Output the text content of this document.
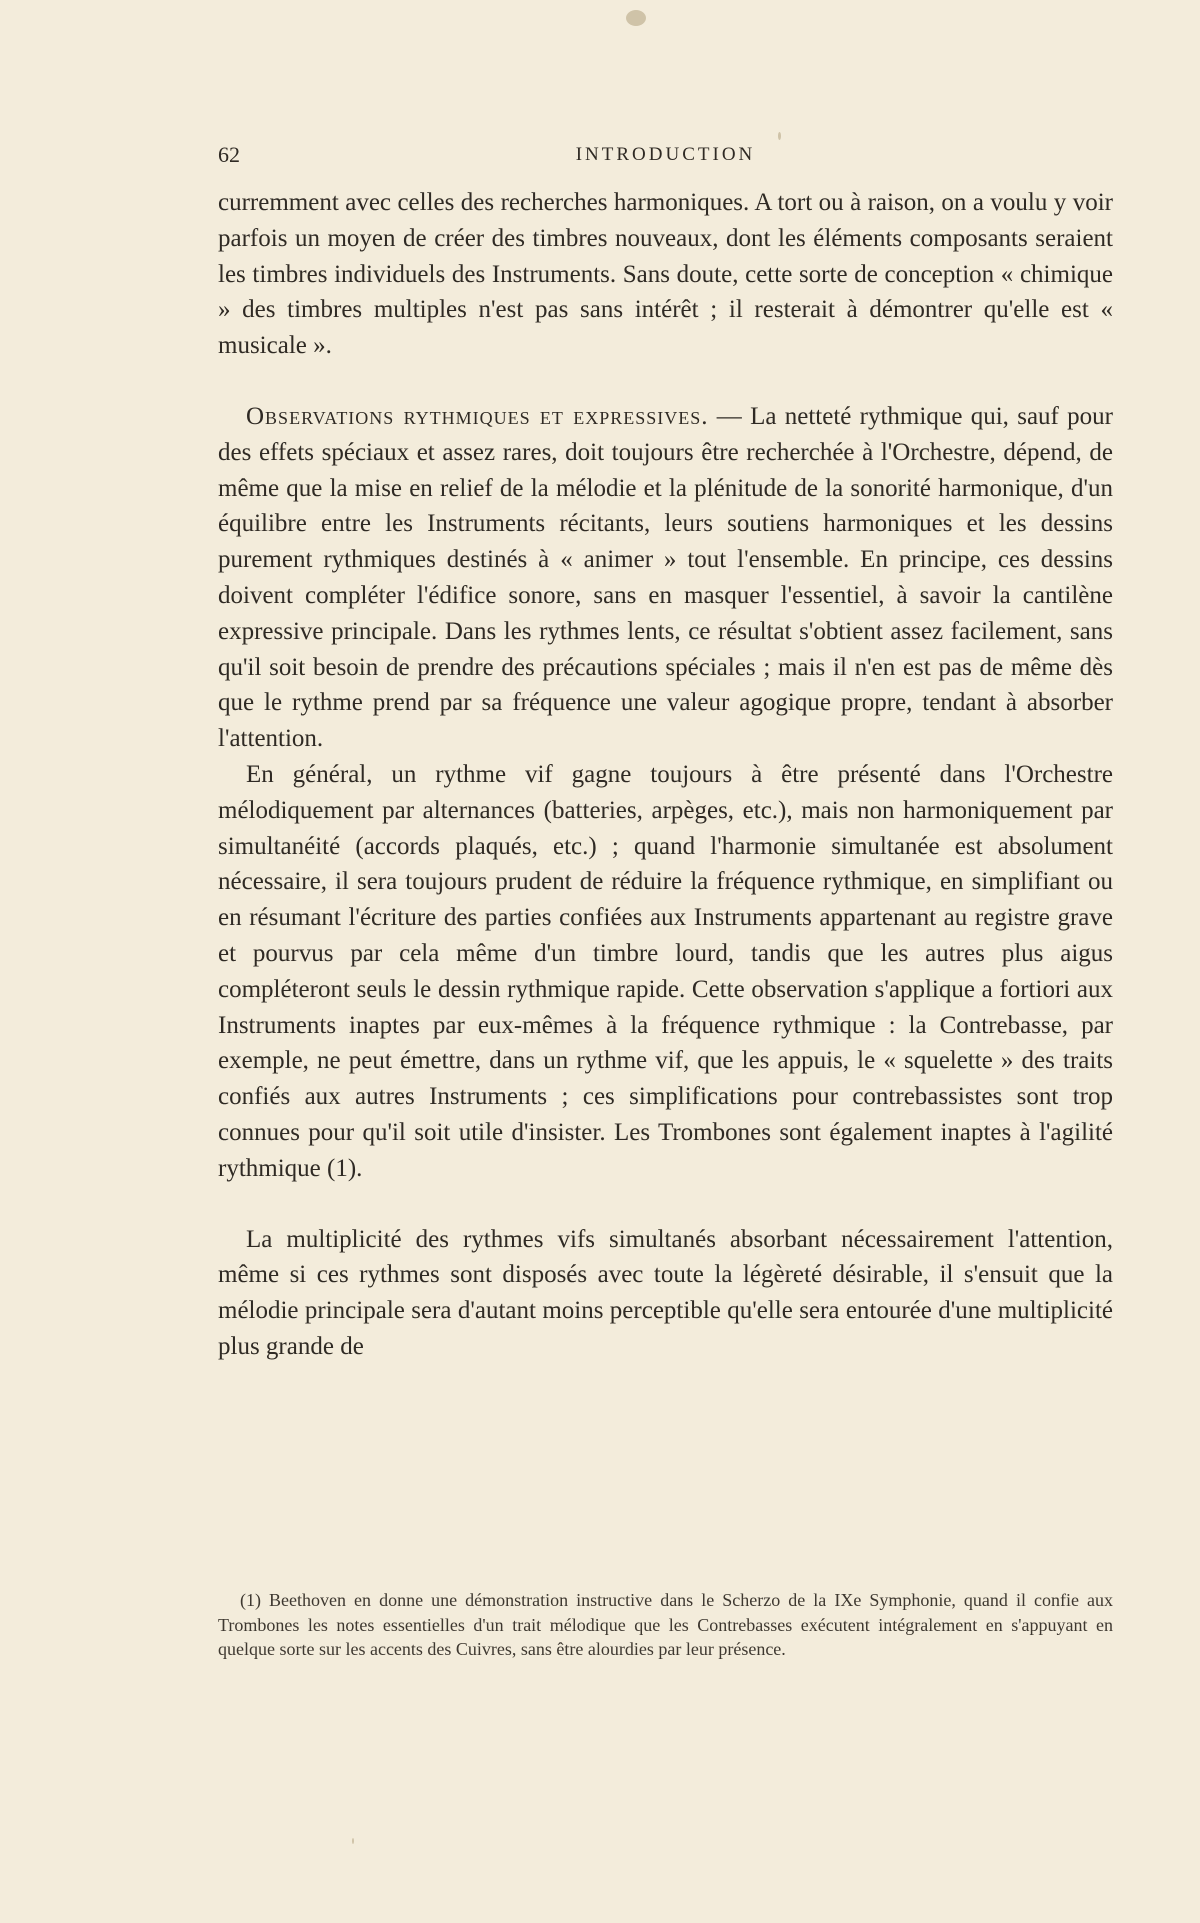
62	INTRODUCTION

curremment avec celles des recherches harmoniques. A tort ou à raison, on a voulu y voir parfois un moyen de créer des timbres nouveaux, dont les éléments composants seraient les timbres individuels des Instruments. Sans doute, cette sorte de conception « chimique » des timbres multiples n'est pas sans intérêt ; il resterait à démontrer qu'elle est « musicale ».

Observations rythmiques et expressives. — La netteté rythmique qui, sauf pour des effets spéciaux et assez rares, doit toujours être recherchée à l'Orchestre, dépend, de même que la mise en relief de la mélodie et la plénitude de la sonorité harmonique, d'un équilibre entre les Instruments récitants, leurs soutiens harmoniques et les dessins purement rythmiques destinés à « animer » tout l'ensemble. En principe, ces dessins doivent compléter l'édifice sonore, sans en masquer l'essentiel, à savoir la cantilène expressive principale. Dans les rythmes lents, ce résultat s'obtient assez facilement, sans qu'il soit besoin de prendre des précautions spéciales ; mais il n'en est pas de même dès que le rythme prend par sa fréquence une valeur agogique propre, tendant à absorber l'attention.

En général, un rythme vif gagne toujours à être présenté dans l'Orchestre mélodiquement par alternances (batteries, arpèges, etc.), mais non harmoniquement par simultanéité (accords plaqués, etc.) ; quand l'harmonie simultanée est absolument nécessaire, il sera toujours prudent de réduire la fréquence rythmique, en simplifiant ou en résumant l'écriture des parties confiées aux Instruments appartenant au registre grave et pourvus par cela même d'un timbre lourd, tandis que les autres plus aigus compléteront seuls le dessin rythmique rapide. Cette observation s'applique a fortiori aux Instruments inaptes par eux-mêmes à la fréquence rythmique : la Contrebasse, par exemple, ne peut émettre, dans un rythme vif, que les appuis, le « squelette » des traits confiés aux autres Instruments ; ces simplifications pour contrebassistes sont trop connues pour qu'il soit utile d'insister. Les Trombones sont également inaptes à l'agilité rythmique (1).

La multiplicité des rythmes vifs simultanés absorbant nécessairement l'attention, même si ces rythmes sont disposés avec toute la légèreté désirable, il s'ensuit que la mélodie principale sera d'autant moins perceptible qu'elle sera entourée d'une multiplicité plus grande de

(1) Beethoven en donne une démonstration instructive dans le Scherzo de la IXe Symphonie, quand il confie aux Trombones les notes essentielles d'un trait mélodique que les Contrebasses exécutent intégralement en s'appuyant en quelque sorte sur les accents des Cuivres, sans être alourdies par leur présence.
